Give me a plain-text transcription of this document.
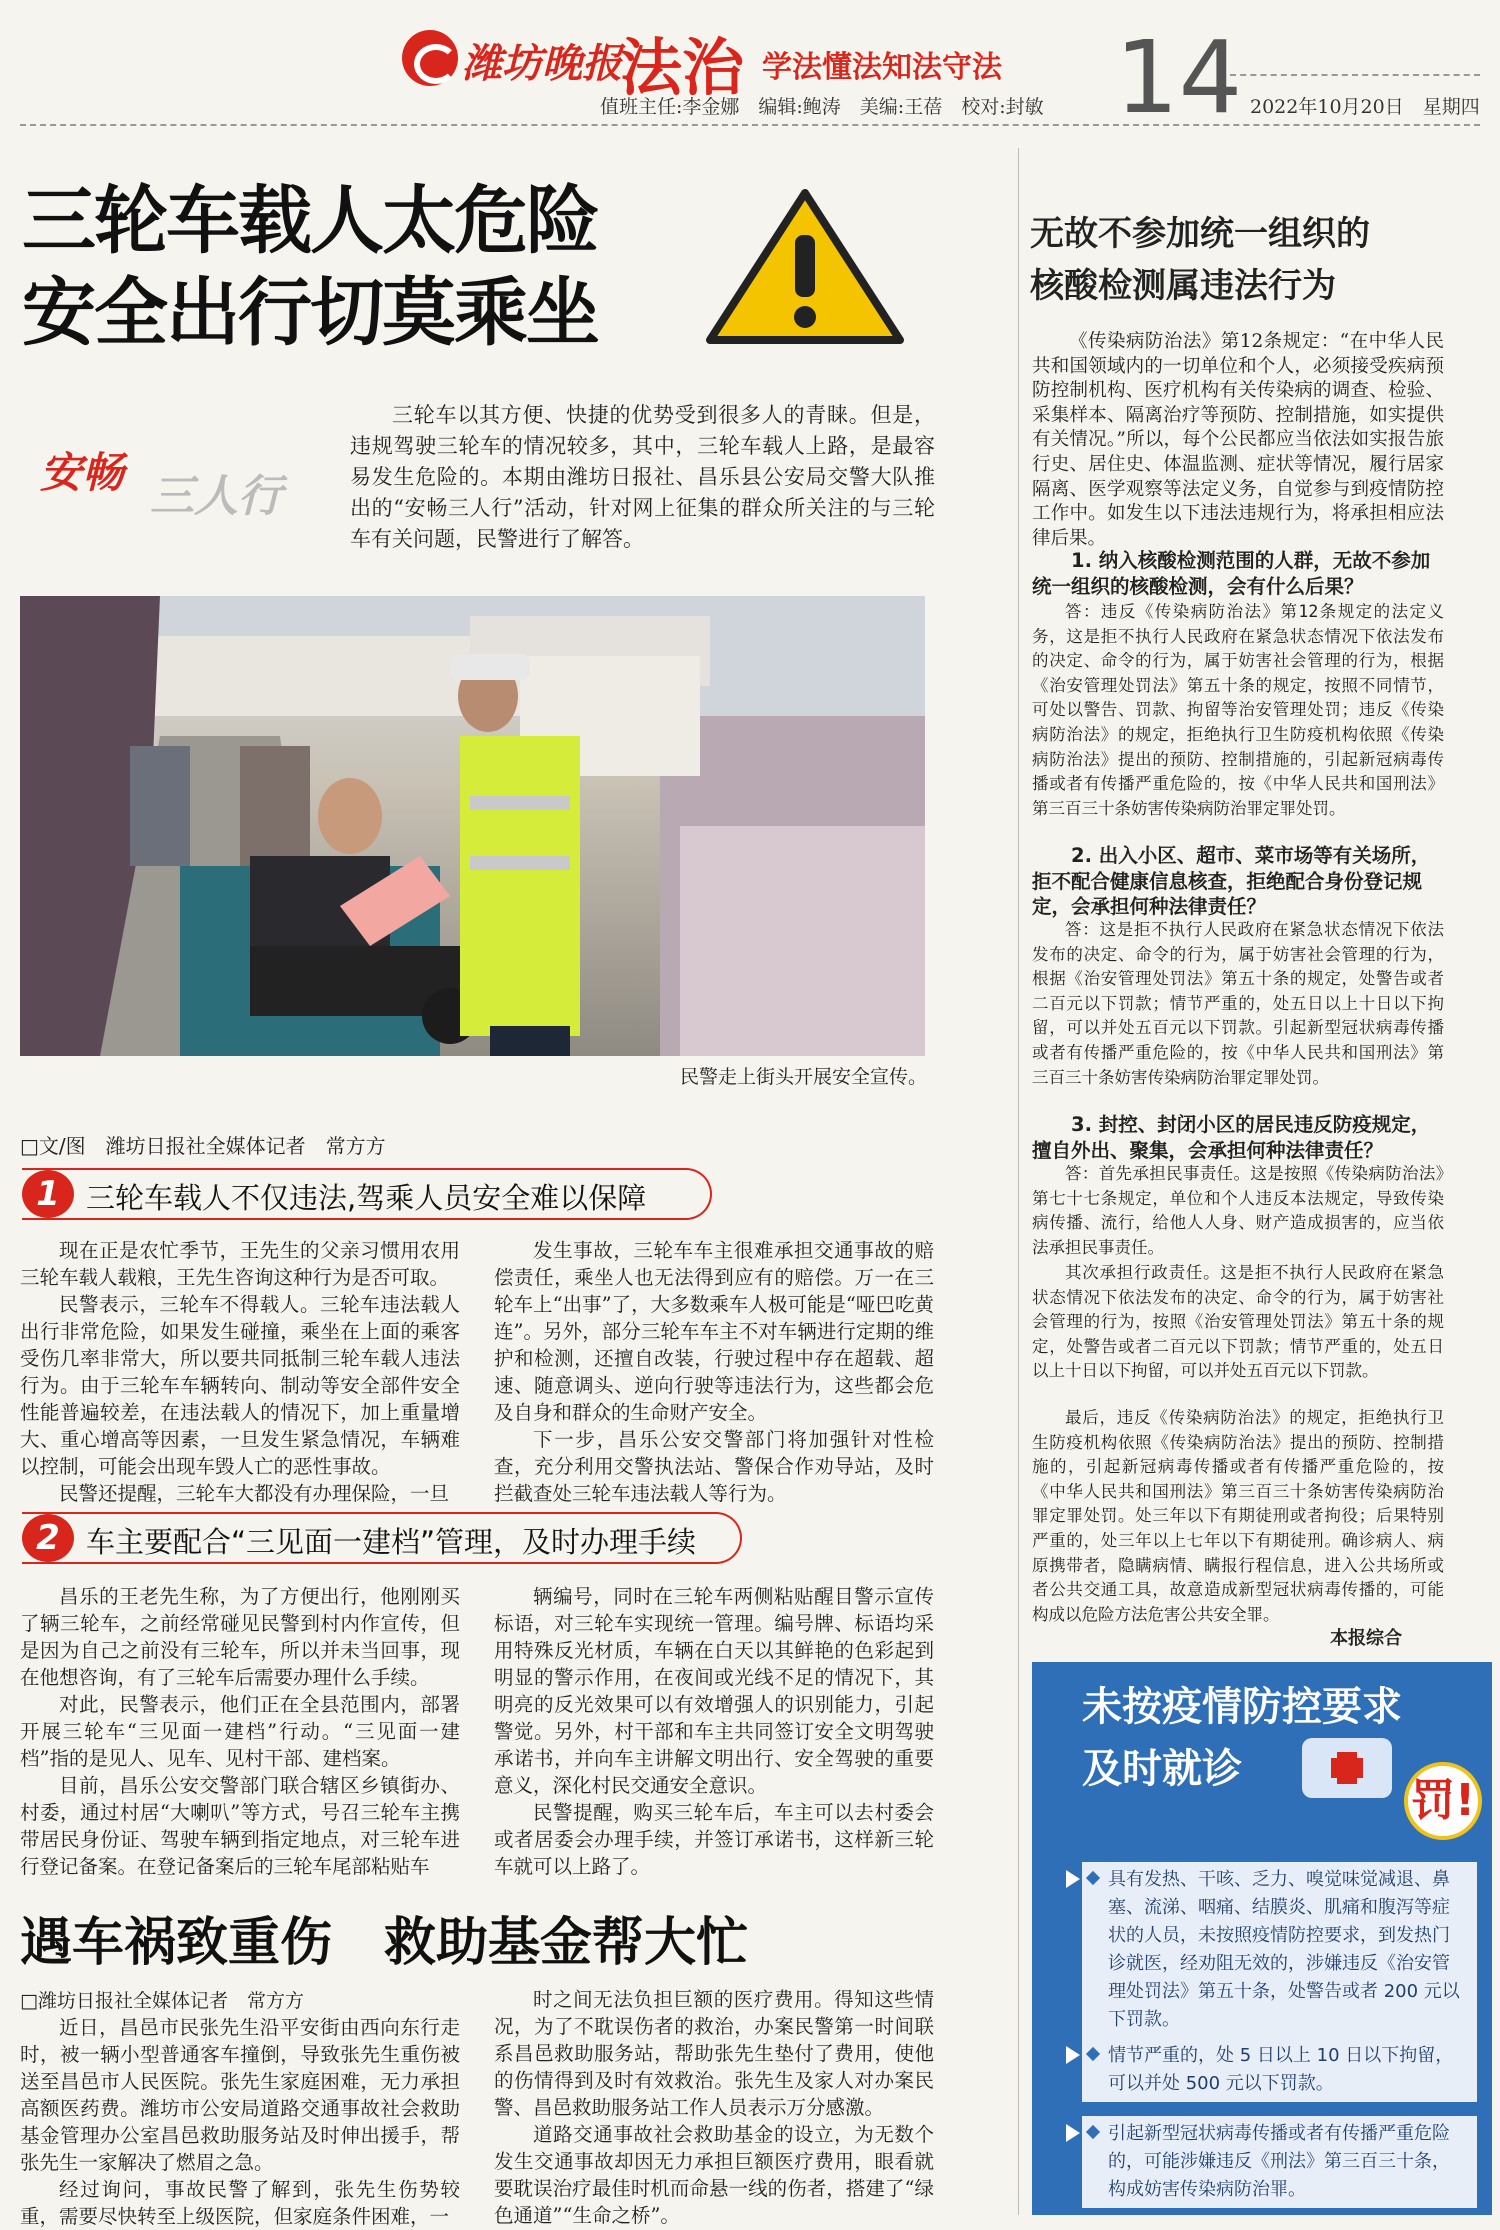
潍坊晚报
法治 学法懂法知法守法
值班主任:李金娜　编辑:鲍涛　美编:王蓓　校对:封敏 14 2022年10月20日　星期四
三轮车载人太危险
安全出行切莫乘坐
安畅 三人行

三轮车以其方便、快捷的优势受到很多人的青睐。但是，违规驾驶三轮车的情况较多，其中，三轮车载人上路，是最容易发生危险的。本期由潍坊日报社、昌乐县公安局交警大队推出的“安畅三人行”活动，针对网上征集的群众所关注的与三轮车有关问题，民警进行了解答。

民警走上街头开展安全宣传。
□文/图　潍坊日报社全媒体记者　常方方
1 三轮车载人不仅违法,驾乘人员安全难以保障

现在正是农忙季节，王先生的父亲习惯用农用三轮车载人载粮，王先生咨询这种行为是否可取。

民警表示，三轮车不得载人。三轮车违法载人出行非常危险，如果发生碰撞，乘坐在上面的乘客受伤几率非常大，所以要共同抵制三轮车载人违法行为。由于三轮车车辆转向、制动等安全部件安全性能普遍较差，在违法载人的情况下，加上重量增大、重心增高等因素，一旦发生紧急情况，车辆难以控制，可能会出现车毁人亡的恶性事故。

民警还提醒，三轮车大都没有办理保险，一旦

发生事故，三轮车车主很难承担交通事故的赔偿责任，乘坐人也无法得到应有的赔偿。万一在三轮车上“出事”了，大多数乘车人极可能是“哑巴吃黄连”。另外，部分三轮车车主不对车辆进行定期的维护和检测，还擅自改装，行驶过程中存在超载、超速、随意调头、逆向行驶等违法行为，这些都会危及自身和群众的生命财产安全。

下一步，昌乐公安交警部门将加强针对性检查，充分利用交警执法站、警保合作劝导站，及时拦截查处三轮车违法载人等行为。

2 车主要配合“三见面一建档”管理，及时办理手续

昌乐的王老先生称，为了方便出行，他刚刚买了辆三轮车，之前经常碰见民警到村内作宣传，但是因为自己之前没有三轮车，所以并未当回事，现在他想咨询，有了三轮车后需要办理什么手续。

对此，民警表示，他们正在全县范围内，部署开展三轮车“三见面一建档”行动。“三见面一建档”指的是见人、见车、见村干部、建档案。

目前，昌乐公安交警部门联合辖区乡镇街办、村委，通过村居“大喇叭”等方式，号召三轮车主携带居民身份证、驾驶车辆到指定地点，对三轮车进行登记备案。在登记备案后的三轮车尾部粘贴车

辆编号，同时在三轮车两侧粘贴醒目警示宣传标语，对三轮车实现统一管理。编号牌、标语均采用特殊反光材质，车辆在白天以其鲜艳的色彩起到明显的警示作用，在夜间或光线不足的情况下，其明亮的反光效果可以有效增强人的识别能力，引起警觉。另外，村干部和车主共同签订安全文明驾驶承诺书，并向车主讲解文明出行、安全驾驶的重要意义，深化村民交通安全意识。

民警提醒，购买三轮车后，车主可以去村委会或者居委会办理手续，并签订承诺书，这样新三轮车就可以上路了。

遇车祸致重伤　救助基金帮大忙
□潍坊日报社全媒体记者　常方方

近日，昌邑市民张先生沿平安街由西向东行走时，被一辆小型普通客车撞倒，导致张先生重伤被送至昌邑市人民医院。张先生家庭困难，无力承担高额医药费。潍坊市公安局道路交通事故社会救助基金管理办公室昌邑救助服务站及时伸出援手，帮张先生一家解决了燃眉之急。

经过询问，事故民警了解到，张先生伤势较重，需要尽快转至上级医院，但家庭条件困难，一

时之间无法负担巨额的医疗费用。得知这些情况，为了不耽误伤者的救治，办案民警第一时间联系昌邑救助服务站，帮助张先生垫付了费用，使他的伤情得到及时有效救治。张先生及家人对办案民警、昌邑救助服务站工作人员表示万分感激。

道路交通事故社会救助基金的设立，为无数个发生交通事故却因无力承担巨额医疗费用，眼看就要耽误治疗最佳时机而命悬一线的伤者，搭建了“绿色通道”“生命之桥”。

无故不参加统一组织的
核酸检测属违法行为

《传染病防治法》第12条规定：“在中华人民共和国领域内的一切单位和个人，必须接受疾病预防控制机构、医疗机构有关传染病的调查、检验、采集样本、隔离治疗等预防、控制措施，如实提供有关情况。”所以，每个公民都应当依法如实报告旅行史、居住史、体温监测、症状等情况，履行居家隔离、医学观察等法定义务，自觉参与到疫情防控工作中。如发生以下违法违规行为，将承担相应法律后果。

1. 纳入核酸检测范围的人群，无故不参加统一组织的核酸检测，会有什么后果？
答：违反《传染病防治法》第12条规定的法定义务，这是拒不执行人民政府在紧急状态情况下依法发布的决定、命令的行为，属于妨害社会管理的行为，根据《治安管理处罚法》第五十条的规定，按照不同情节，可处以警告、罚款、拘留等治安管理处罚；违反《传染病防治法》的规定，拒绝执行卫生防疫机构依照《传染病防治法》提出的预防、控制措施的，引起新冠病毒传播或者有传播严重危险的，按《中华人民共和国刑法》第三百三十条妨害传染病防治罪定罪处罚。
2. 出入小区、超市、菜市场等有关场所，拒不配合健康信息核查，拒绝配合身份登记规定，会承担何种法律责任？
答：这是拒不执行人民政府在紧急状态情况下依法发布的决定、命令的行为，属于妨害社会管理的行为，根据《治安管理处罚法》第五十条的规定，处警告或者二百元以下罚款；情节严重的，处五日以上十日以下拘留，可以并处五百元以下罚款。引起新型冠状病毒传播或者有传播严重危险的，按《中华人民共和国刑法》第三百三十条妨害传染病防治罪定罪处罚。
3. 封控、封闭小区的居民违反防疫规定，擅自外出、聚集，会承担何种法律责任？
答：首先承担民事责任。这是按照《传染病防治法》第七十七条规定，单位和个人违反本法规定，导致传染病传播、流行，给他人人身、财产造成损害的，应当依法承担民事责任。
其次承担行政责任。这是拒不执行人民政府在紧急状态情况下依法发布的决定、命令的行为，属于妨害社会管理的行为，按照《治安管理处罚法》第五十条的规定，处警告或者二百元以下罚款；情节严重的，处五日以上十日以下拘留，可以并处五百元以下罚款。
最后，违反《传染病防治法》的规定，拒绝执行卫生防疫机构依照《传染病防治法》提出的预防、控制措施的，引起新冠病毒传播或者有传播严重危险的，按《中华人民共和国刑法》第三百三十条妨害传染病防治罪定罪处罚。处三年以下有期徒刑或者拘役；后果特别严重的，处三年以上七年以下有期徒刑。确诊病人、病原携带者，隐瞒病情、瞒报行程信息，进入公共场所或者公共交通工具，故意造成新型冠状病毒传播的，可能构成以危险方法危害公共安全罪。
本报综合
未按疫情防控要求
及时就诊
罚!
具有发热、干咳、乏力、嗅觉味觉减退、鼻塞、流涕、咽痛、结膜炎、肌痛和腹泻等症状的人员，未按照疫情防控要求，到发热门诊就医，经劝阻无效的，涉嫌违反《治安管理处罚法》第五十条，处警告或者 200 元以下罚款。
情节严重的，处 5 日以上 10 日以下拘留，可以并处 500 元以下罚款。
引起新型冠状病毒传播或者有传播严重危险的，可能涉嫌违反《刑法》第三百三十条，构成妨害传染病防治罪。
